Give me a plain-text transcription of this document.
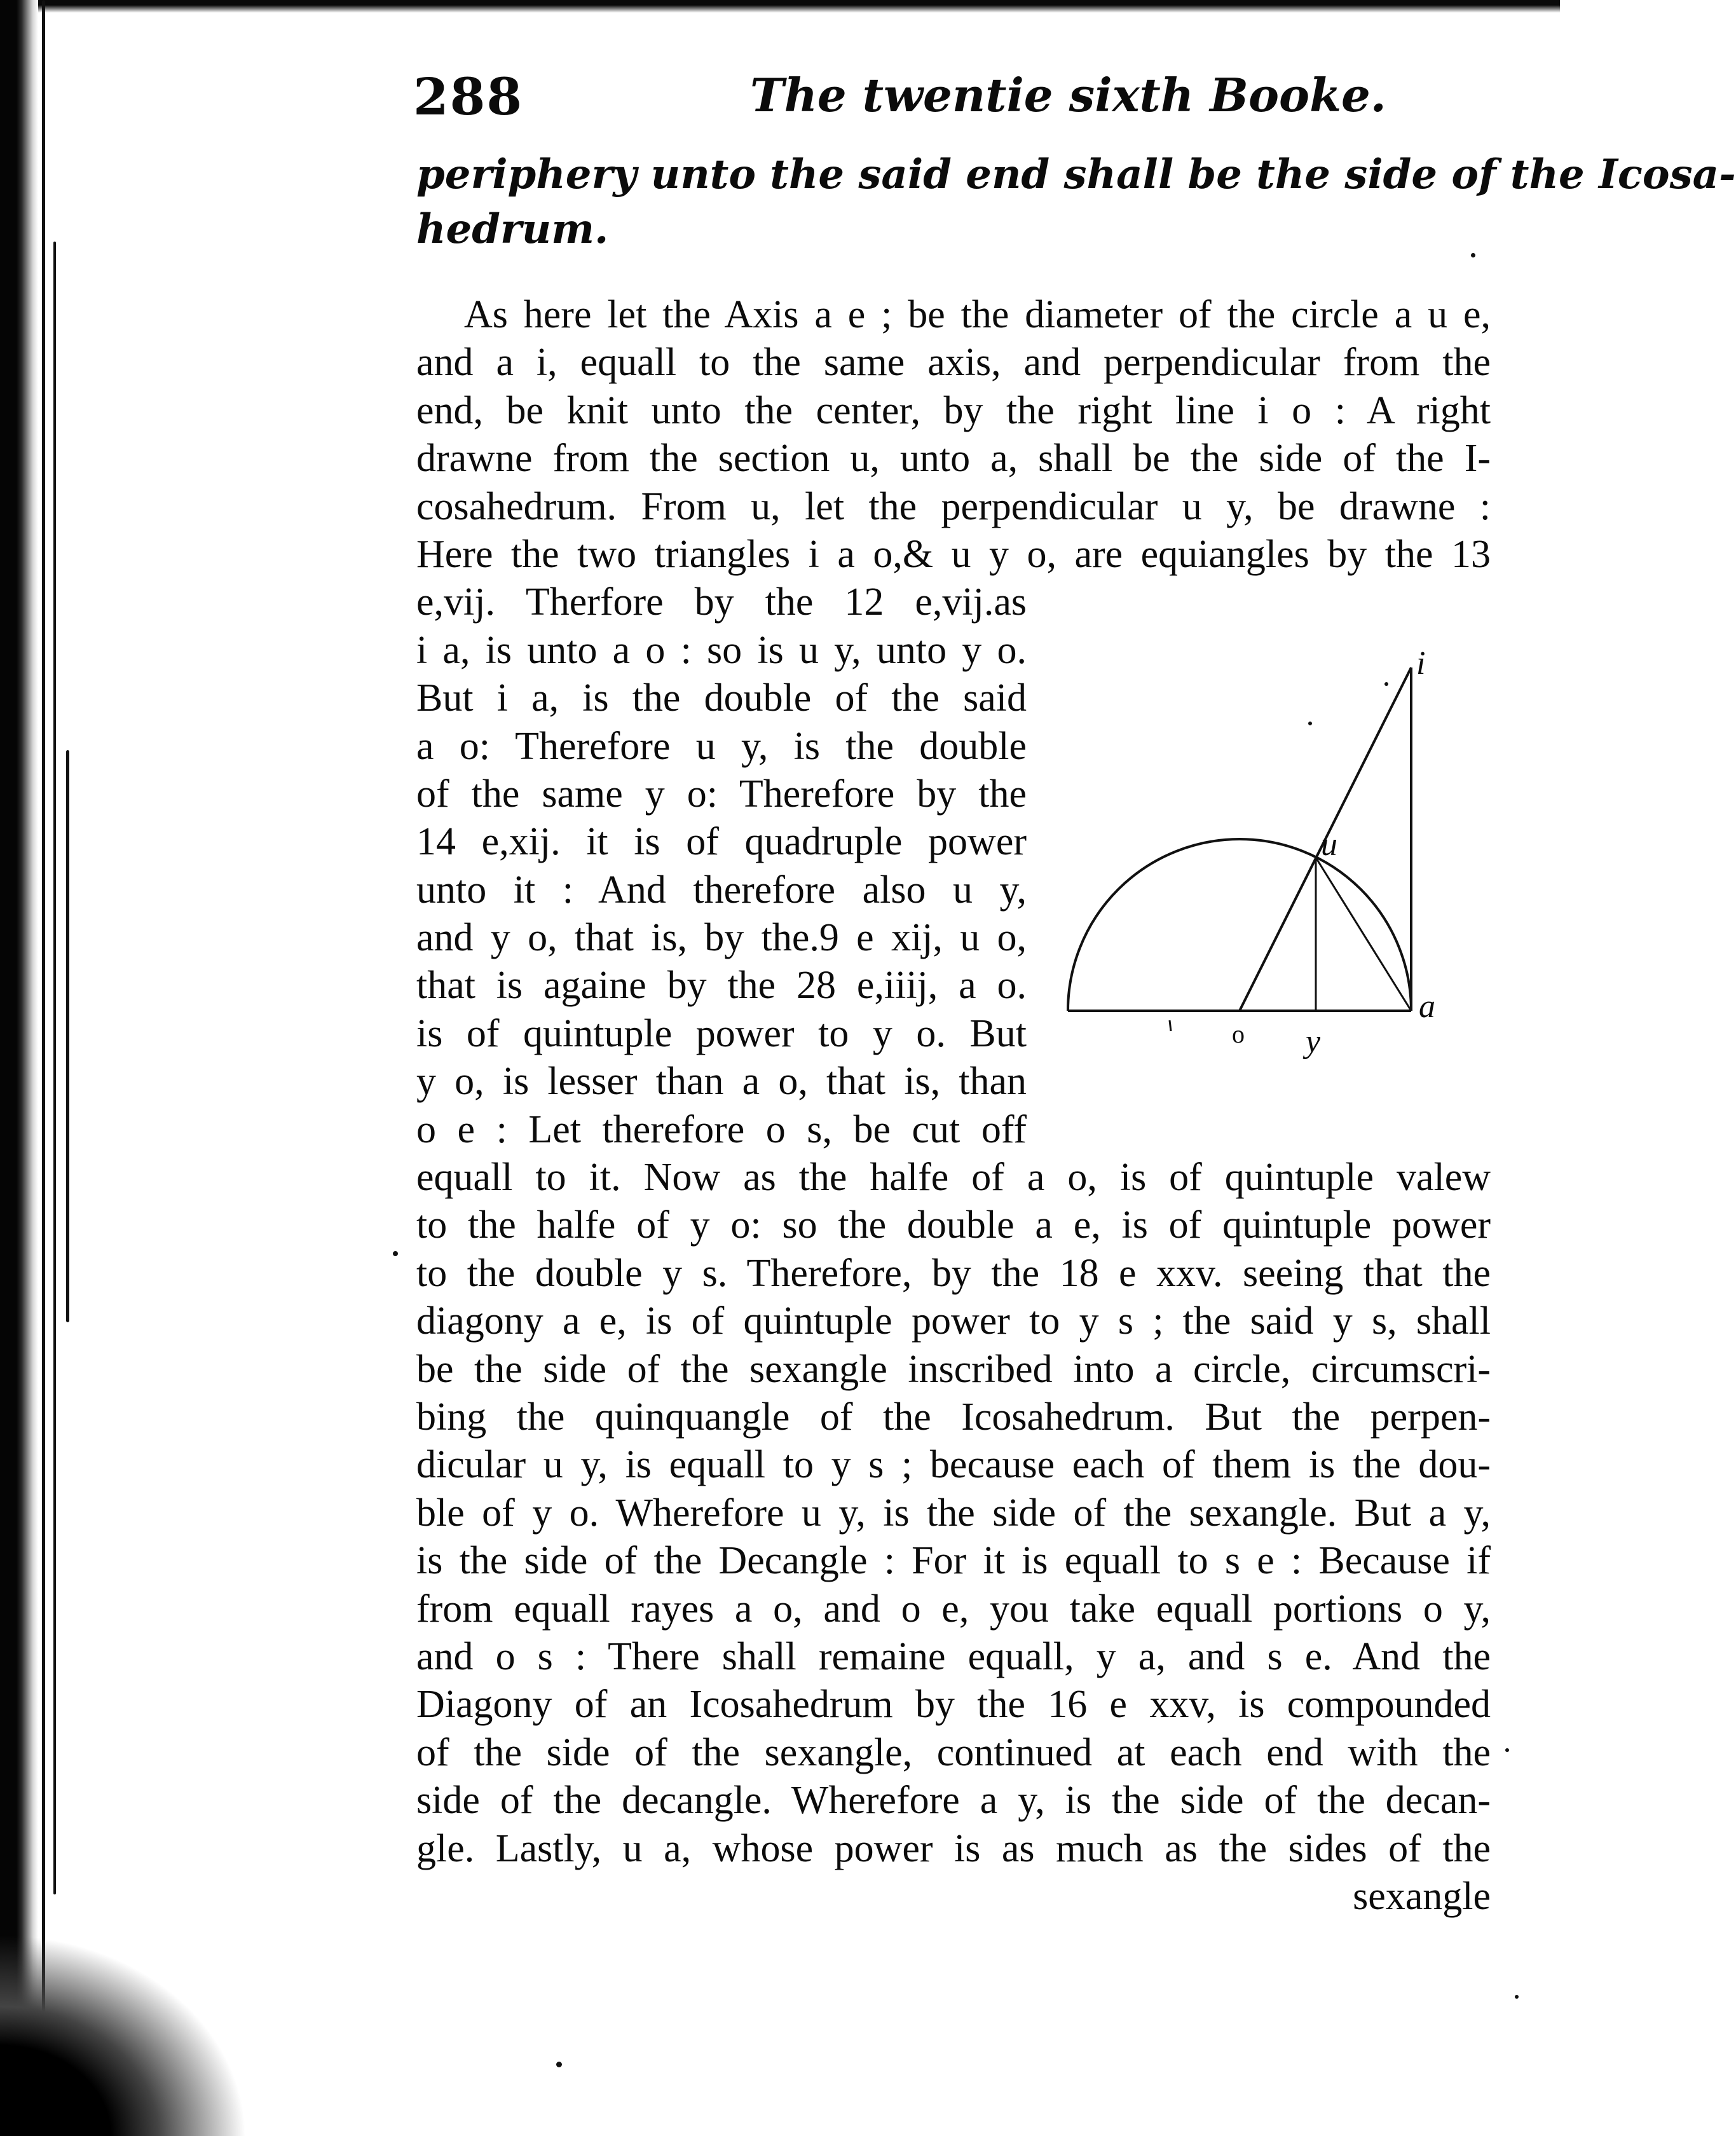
288	The twentie sixth Booke.
periphery unto the said end shall be the side of the Icosa-
hedrum.
As here let the Axis a e ; be the diameter of the circle a u e,
and a i, equall to the same axis, and perpendicular from the
end, be knit unto the center, by the right line i o : A right
drawne from the section u, unto a, shall be the side of the I-
cosahedrum. From u, let the perpendicular u y, be drawne :
Here the two triangles i a o,& u y o, are equiangles by the 13
e,vij. Therfore by the 12 e,vij.as
i a, is unto a o : so is u y, unto y o.
But i a, is the double of the said
a o: Therefore u y, is the double
of the same y o: Therefore by the
14 e,xij. it is of quadruple power
unto it : And therefore also u y,
and y o, that is, by the.9 e xij, u o,
that is againe by the 28 e,iiij, a o.
is of quintuple power to y o. But
y o, is lesser than a o, that is, than
o e : Let therefore o s, be cut off
equall to it. Now as the halfe of a o, is of quintuple valew
to the halfe of y o: so the double a e, is of quintuple power
to the double y s. Therefore, by the 18 e xxv. seeing that the
diagony a e, is of quintuple power to y s ; the said y s, shall
be the side of the sexangle inscribed into a circle, circumscri-
bing the quinquangle of the Icosahedrum. But the perpen-
dicular u y, is equall to y s ; because each of them is the dou-
ble of y o. Wherefore u y, is the side of the sexangle. But a y,
is the side of the Decangle : For it is equall to s e : Because if
from equall rayes a o, and o e, you take equall portions o y,
and o s : There shall remaine equall, y a, and s e. And the
Diagony of an Icosahedrum by the 16 e xxv, is compounded
of the side of the sexangle, continued at each end with the
side of the decangle. Wherefore a y, is the side of the decan-
gle. Lastly, u a, whose power is as much as the sides of the
sexangle
i
u
a
o y
